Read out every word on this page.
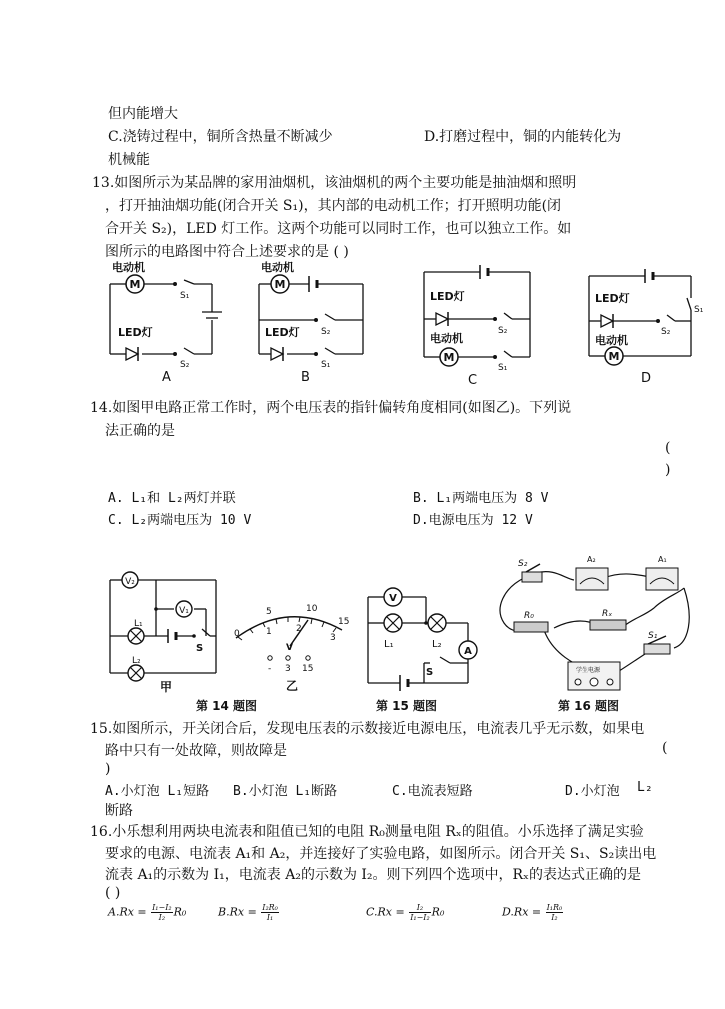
但内能增大
C.浇铸过程中，铜所含热量不断减少	D.打磨过程中，铜的内能转化为
机械能
13.如图所示为某品牌的家用油烟机，该油烟机的两个主要功能是抽油烟和照明
，打开抽油烟功能(闭合开关 S₁)，其内部的电动机工作；打开照明功能(闭
合开关 S₂)，LED 灯工作。这两个功能可以同时工作，也可以独立工作。如
图所示的电路图中符合上述要求的是 ( )
M
电动机
LED灯
S₁
S₂
A
M
电动机
LED灯 S₂
S₁
B
M
LED灯
电动机
S₂
S₁
C
M
LED灯
电动机
S₁
S₂
D
14.如图甲电路正常工作时，两个电压表的指针偏转角度相同(如图乙)。下列说
法正确的是
(
)
A. L₁和 L₂两灯并联	B. L₁两端电压为 8 V
C. L₂两端电压为 10 V	D.电源电压为 12 V
V₂
V₁
L₁
L₂
S
甲
5	10
15
0	1	2
3
V
- 3 15
乙
V
A
L₁	L₂
S	学生电源
A₂	A₁
S₂
R₀	Rₓ
S₁
第 14 题图	第 15 题图	第 16 题图
15.如图所示，开关闭合后，发现电压表的示数接近电源电压，电流表几乎无示数，如果电
路中只有一处故障，则故障是	(
)
A.小灯泡 L₁短路 B.小灯泡 L₁断路	C.电流表短路	D.小灯泡 L₂
断路
16.小乐想利用两块电流表和阻值已知的电阻 R₀测量电阻 Rₓ的阻值。小乐选择了满足实验
要求的电源、电流表 A₁和 A₂，并连接好了实验电路，如图所示。闭合开关 S₁、S₂读出电
流表 A₁的示数为 I₁，电流表 A₂的示数为 I₂。则下列四个选项中，Rₓ的表达式正确的是
( )
$A.Rx = \frac{\text{I₁−I₂}}{\text{I₂}} R_0$	$B.Rx = \frac{\text{I₂R₀}}{\text{I₁}}$	$C.Rx = \frac{\text{I₂}}{\text{I₁−I₂}} R_0$	$D.Rx = \frac{\text{I₁R₀}}{\text{I₂}}$
